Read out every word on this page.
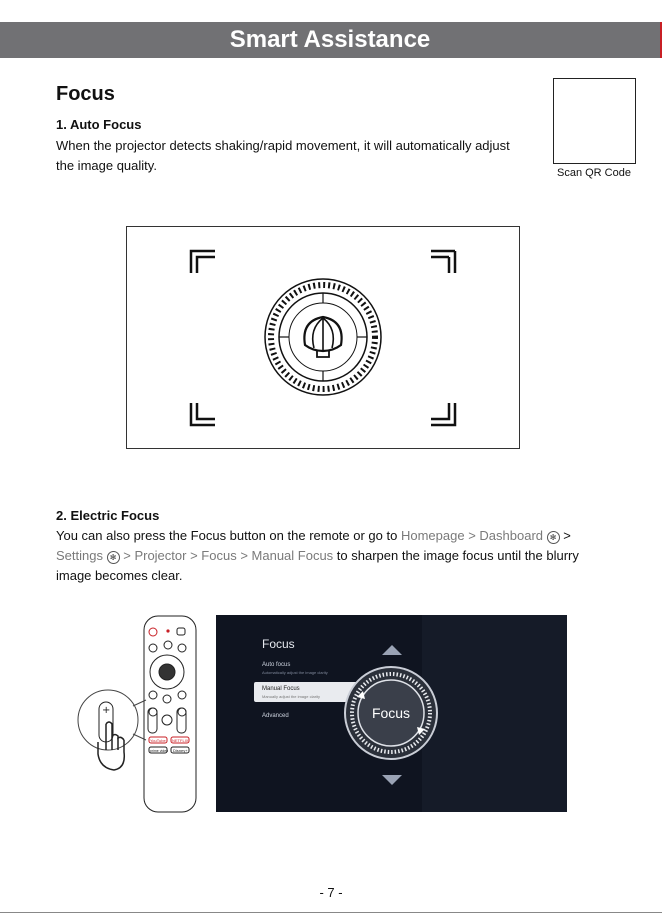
Smart Assistance
Focus
Scan QR Code
1. Auto Focus
When the projector detects shaking/rapid movement, it will automatically adjust the image quality.
2. Electric Focus
You can also press the Focus button on the remote or go to Homepage > Dashboard ✻ > Settings ✻ > Projector > Focus > Manual Focus to sharpen the image focus until the blurry image becomes clear.
+
YouTube NETFLIX
prime video Disney+
Focus
Auto focus
Automatically adjust the image clarity
Manual Focus
Manually adjust the image clarity
Advanced	Focus
- 7 -
